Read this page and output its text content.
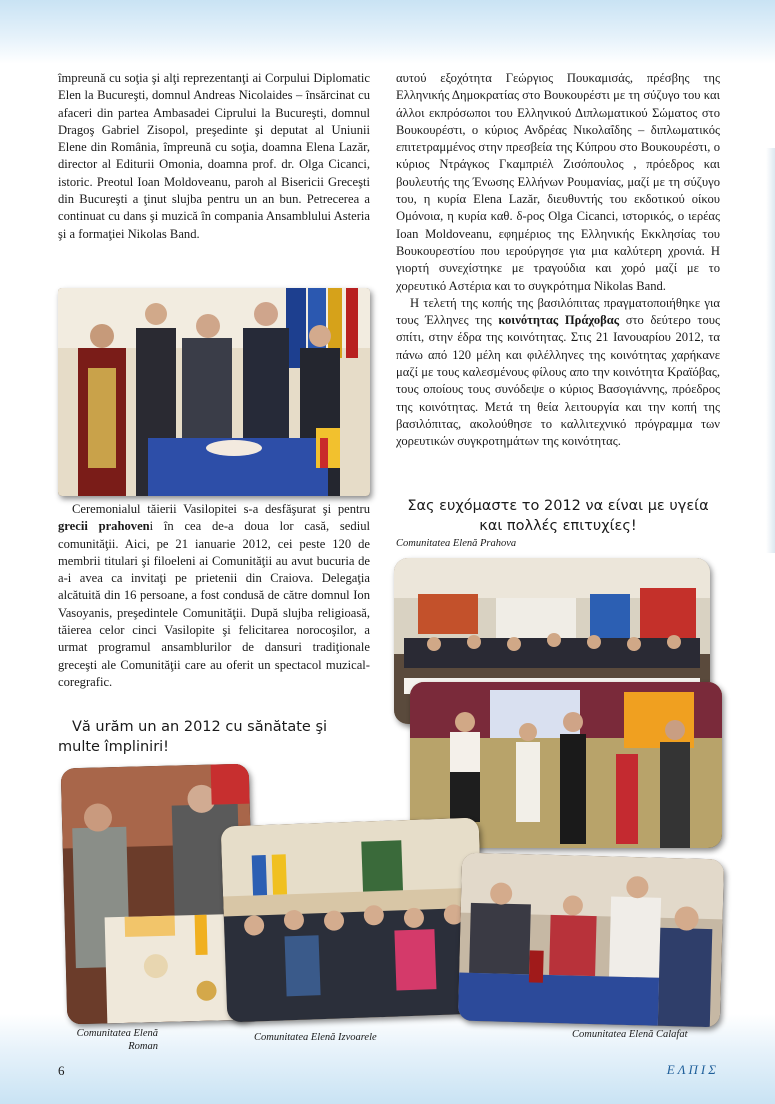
împreună cu soţia şi alţi reprezentanţi ai Corpului Diplomatic Elen la Bucureşti, domnul Andreas Nicolaides – însărcinat cu afaceri din partea Ambasadei Ciprului la Bucureşti, domnul Dragoş Gabriel Zisopol, preşedinte şi deputat al Uniunii Elene din România, împreună cu soţia, doamna Elena Lazăr, director al Editurii Omonia, doamna prof. dr. Olga Cicanci, istoric. Preotul Ioan Moldoveanu, paroh al Bisericii Greceşti din Bucureşti a ţinut slujba pentru un an bun. Petrecerea a continuat cu dans şi muzică în compania Ansamblului Asteria şi a formaţiei Nikolas Band.

Ceremonialul tăierii Vasilopitei s-a desfăşurat şi pentru grecii prahoveni în cea de-a doua lor casă, sediul comunităţii. Aici, pe 21 ianuarie 2012, cei peste 120 de membrii titulari şi filoeleni ai Comunităţii au avut bucuria de a-i avea ca invitaţi pe prietenii din Craiova. Delegaţia alcătuită din 16 persoane, a fost condusă de către domnul Ion Vasoyanis, preşedintele Comunităţii. După slujba religioasă, tăierea celor cinci Vasilopite şi felicitarea norocoşilor, a urmat programul ansamblurilor de dansuri tradiţionale greceşti ale Comunităţii care au oferit un spectacol muzical-coregrafic.

Vă urăm un an 2012 cu sănătate şi multe împliniri!

αυτού εξοχότητα Γεώργιος Πουκαμισάς, πρέσβης της Ελληνικής Δημοκρατίας στο Βουκουρέστι με τη σύζυγο του και άλλοι εκπρόσωποι του Ελληνικού Διπλωματικού Σώματος στο Βουκουρέστι, ο κύριος Ανδρέας Νικολαΐδης – διπλωματικός επιτετραμμένος στην πρεσβεία της Κύπρου στο Βουκουρέστι, ο κύριος Ντράγκος Γκαμπριέλ Ζισόπουλος , πρόεδρος και βουλευτής της Ένωσης Ελλήνων Ρουμανίας, μαζί με τη σύζυγο του, η κυρία Elena Lazăr, διευθυντής του εκδοτικού οίκου Ομόνοια, η κυρία καθ. δ-ρος Olga Cicanci, ιστορικός, ο ιερέας Ioan Moldoveanu, εφημέριος της Ελληνικής Εκκλησίας του Βουκουρεστίου που ιερούργησε για μια καλύτερη χρονιά. Η γιορτή συνεχίστηκε με τραγούδια και χορό μαζί με το χορευτικό Αστέρια και το συγκρότημα Nikolas Band.

Η τελετή της κοπής της βασιλόπιτας πραγματοποιήθηκε για τους Έλληνες της κοινότητας Πράχοβας στο δεύτερο τους σπίτι, στην έδρα της κοινότητας. Στις 21 Ιανουαρίου 2012, τα πάνω από 120 μέλη και φιλέλληνες της κοινότητας χαρήκανε μαζί με τους καλεσμένους φίλους απο την κοινότητα Κραϊόβας, τους οποίους τους συνόδεψε ο κύριος Βασογιάννης, πρόεδρος της κοινότητας. Μετά τη θεία λειτουργία και την κοπή της βασιλόπιτας, ακολούθησε το καλλιτεχνικό πρόγραμμα των χορευτικών συγκροτημάτων της κοινότητας.

Σας ευχόμαστε το 2012 να είναι με υγεία και πολλές επιτυχίες!
Comunitatea Elenă Prahova
Comunitatea Elenă
Roman
Comunitatea Elenă Izvoarele	Comunitatea Elenă Calafat
6	ΕΛΠΙΣ
